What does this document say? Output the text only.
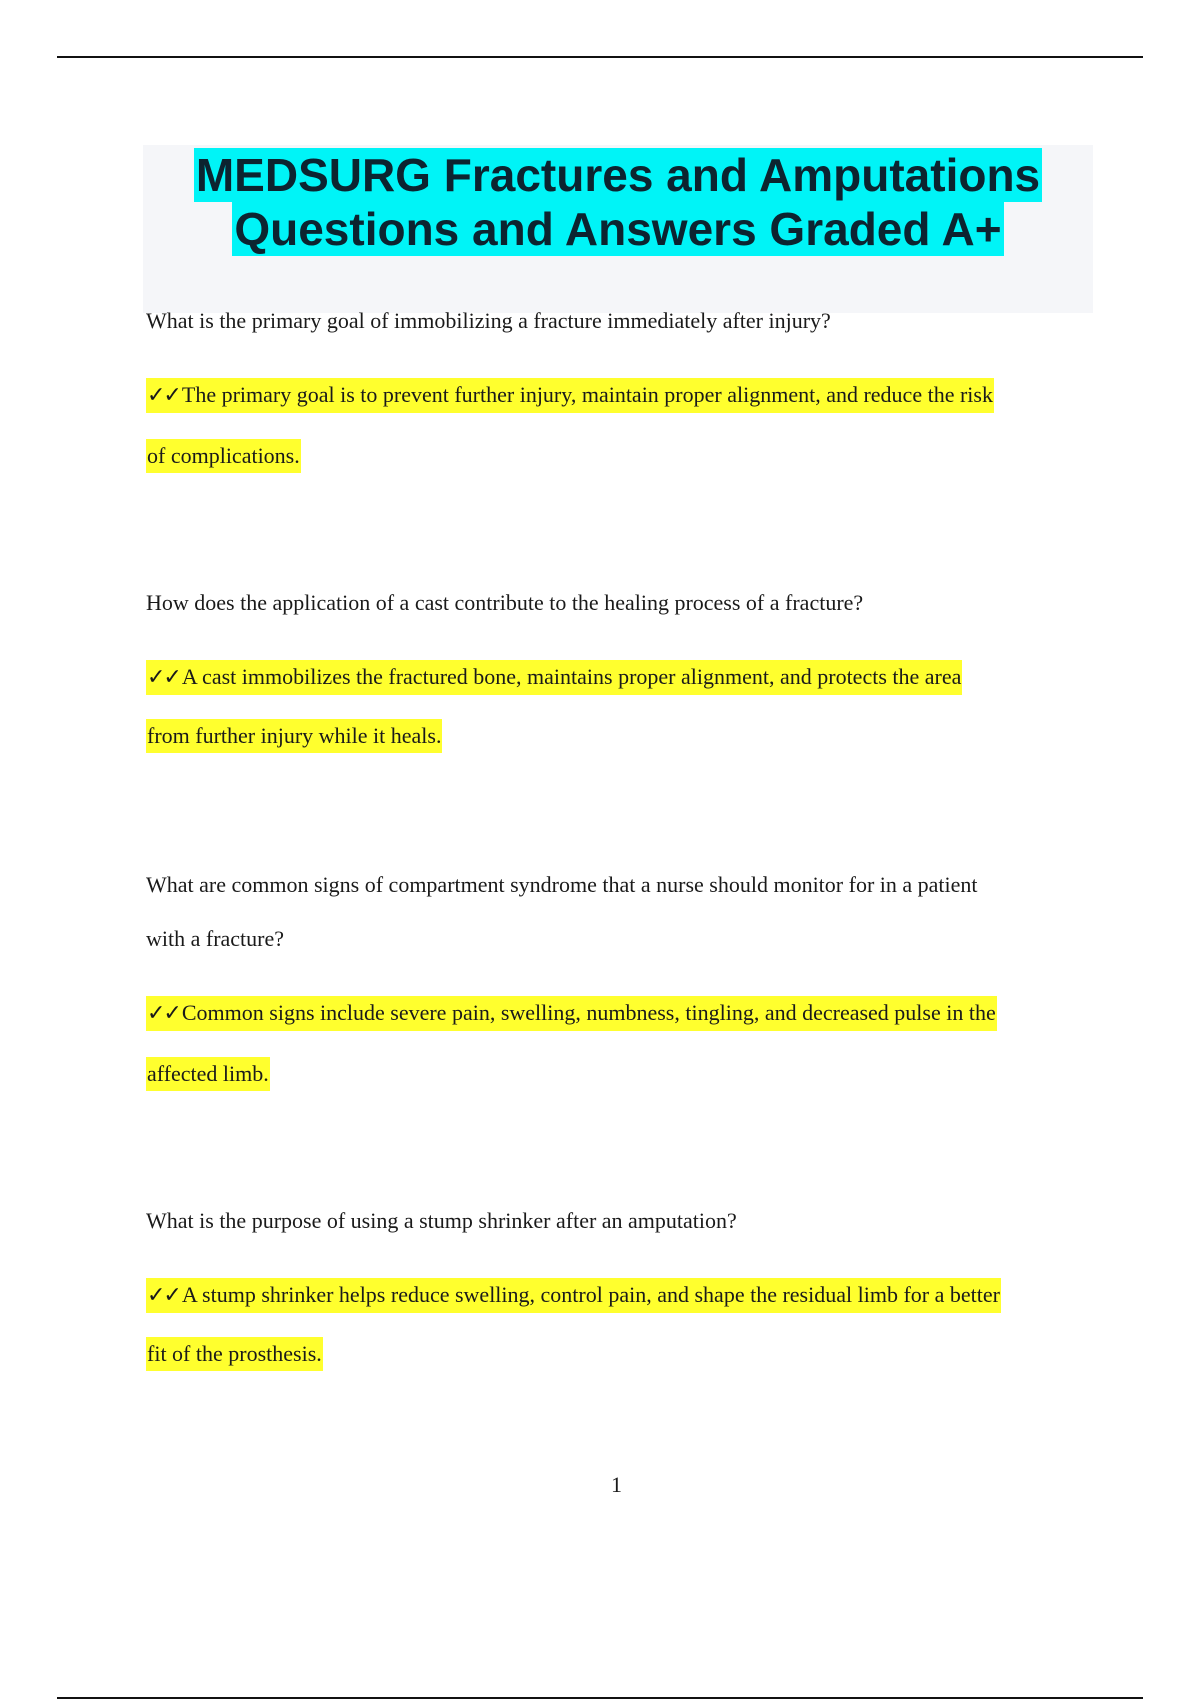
MEDSURG Fractures and Amputations
Questions and Answers Graded A+
What is the primary goal of immobilizing a fracture immediately after injury?
✓✓The primary goal is to prevent further injury, maintain proper alignment, and reduce the risk
of complications.
How does the application of a cast contribute to the healing process of a fracture?
✓✓A cast immobilizes the fractured bone, maintains proper alignment, and protects the area
from further injury while it heals.
What are common signs of compartment syndrome that a nurse should monitor for in a patient
with a fracture?
✓✓Common signs include severe pain, swelling, numbness, tingling, and decreased pulse in the
affected limb.
What is the purpose of using a stump shrinker after an amputation?
✓✓A stump shrinker helps reduce swelling, control pain, and shape the residual limb for a better
fit of the prosthesis.
1
